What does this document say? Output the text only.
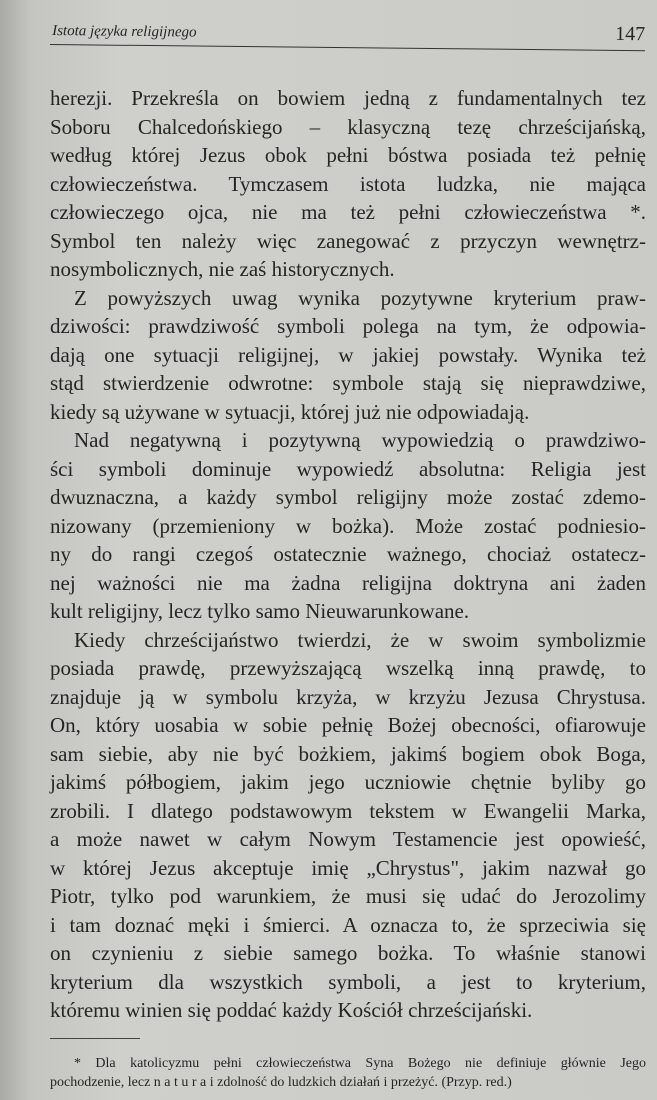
Istota języka religijnego	147
herezji. Przekreśla on bowiem jedną z fundamentalnych tez
Soboru Chalcedońskiego – klasyczną tezę chrześcijańską,
według której Jezus obok pełni bóstwa posiada też pełnię
człowieczeństwa. Tymczasem istota ludzka, nie mająca
człowieczego ojca, nie ma też pełni człowieczeństwa *.
Symbol ten należy więc zanegować z przyczyn wewnętrz-
nosymbolicznych, nie zaś historycznych.
Z powyższych uwag wynika pozytywne kryterium praw-
dziwości: prawdziwość symboli polega na tym, że odpowia-
dają one sytuacji religijnej, w jakiej powstały. Wynika też
stąd stwierdzenie odwrotne: symbole stają się nieprawdziwe,
kiedy są używane w sytuacji, której już nie odpowiadają.
Nad negatywną i pozytywną wypowiedzią o prawdziwo-
ści symboli dominuje wypowiedź absolutna: Religia jest
dwuznaczna, a każdy symbol religijny może zostać zdemo-
nizowany (przemieniony w bożka). Może zostać podniesio-
ny do rangi czegoś ostatecznie ważnego, chociaż ostatecz-
nej ważności nie ma żadna religijna doktryna ani żaden
kult religijny, lecz tylko samo Nieuwarunkowane.
Kiedy chrześcijaństwo twierdzi, że w swoim symbolizmie
posiada prawdę, przewyższającą wszelką inną prawdę, to
znajduje ją w symbolu krzyża, w krzyżu Jezusa Chrystusa.
On, który uosabia w sobie pełnię Bożej obecności, ofiarowuje
sam siebie, aby nie być bożkiem, jakimś bogiem obok Boga,
jakimś półbogiem, jakim jego uczniowie chętnie byliby go
zrobili. I dlatego podstawowym tekstem w Ewangelii Marka,
a może nawet w całym Nowym Testamencie jest opowieść,
w której Jezus akceptuje imię „Chrystus", jakim nazwał go
Piotr, tylko pod warunkiem, że musi się udać do Jerozolimy
i tam doznać męki i śmierci. A oznacza to, że sprzeciwia się
on czynieniu z siebie samego bożka. To właśnie stanowi
kryterium dla wszystkich symboli, a jest to kryterium,
któremu winien się poddać każdy Kościół chrześcijański.
* Dla katolicyzmu pełni człowieczeństwa Syna Bożego nie definiuje głównie Jego
pochodzenie, lecz n a t u r a i zdolność do ludzkich działań i przeżyć. (Przyp. red.)
